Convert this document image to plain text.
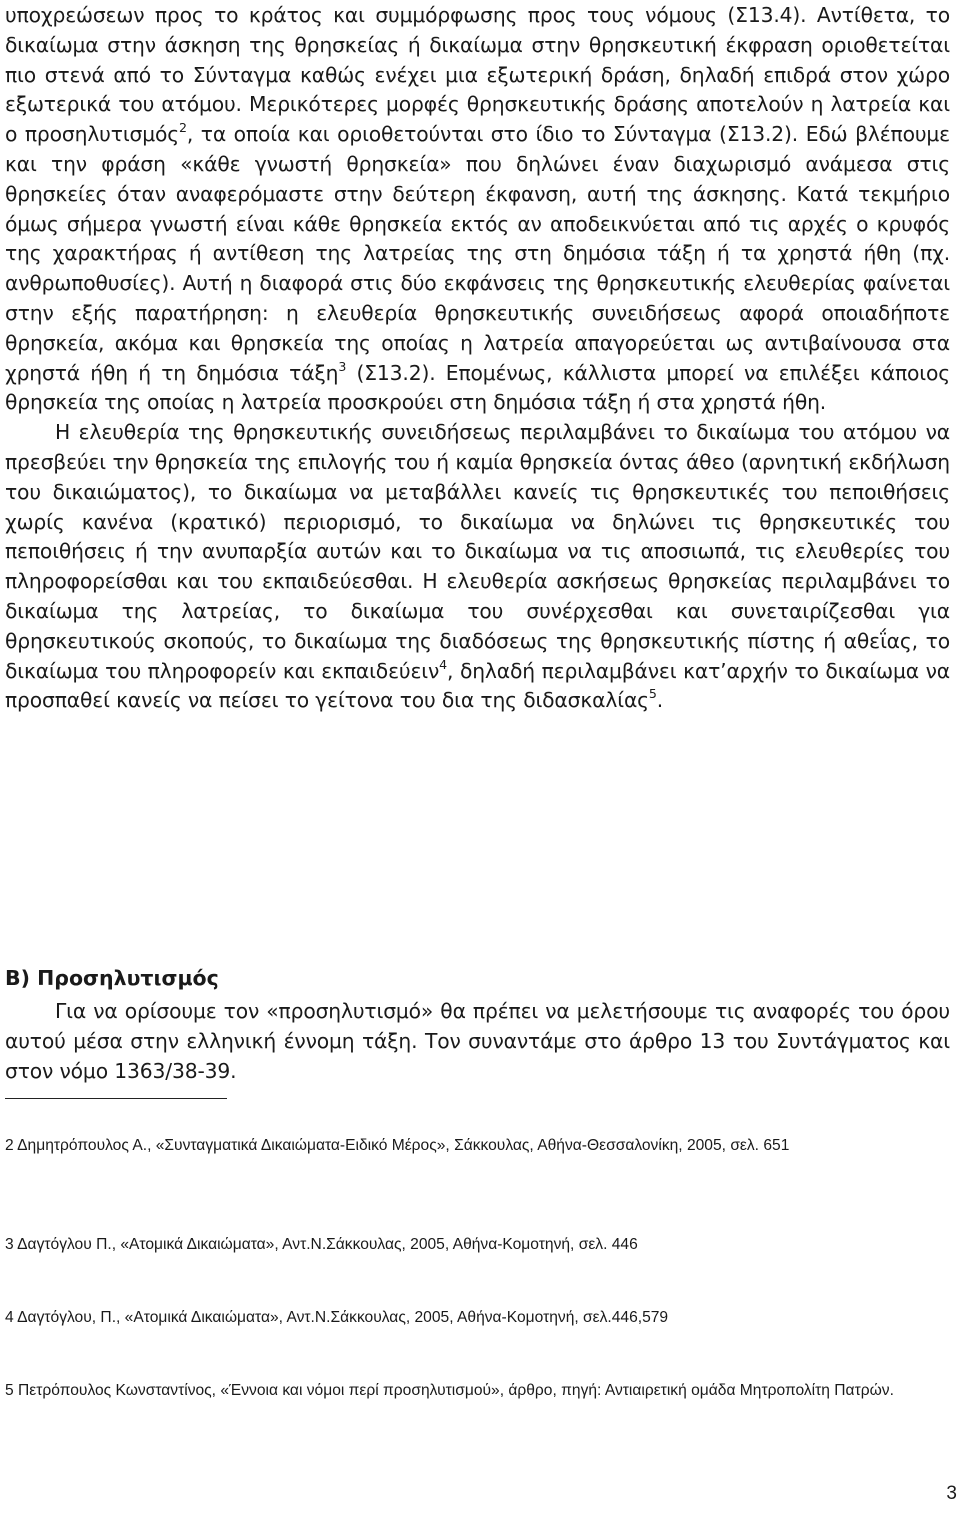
υποχρεώσεων προς το κράτος και συμμόρφωσης προς τους νόμους (Σ13.4). Αντίθετα, το δικαίωμα στην άσκηση της θρησκείας ή δικαίωμα στην θρησκευτική έκφραση οριοθετείται πιο στενά από το Σύνταγμα καθώς ενέχει μια εξωτερική δράση, δηλαδή επιδρά στον χώρο εξωτερικά του ατόμου. Μερικότερες μορφές θρησκευτικής δράσης αποτελούν η λατρεία και ο προσηλυτισμός$^2$, τα οποία και οριοθετούνται στο ίδιο το Σύνταγμα (Σ13.2). Εδώ βλέπουμε και την φράση «κάθε γνωστή θρησκεία» που δηλώνει έναν διαχωρισμό ανάμεσα στις θρησκείες όταν αναφερόμαστε στην δεύτερη έκφανση, αυτή της άσκησης. Κατά τεκμήριο όμως σήμερα γνωστή είναι κάθε θρησκεία εκτός αν αποδεικνύεται από τις αρχές ο κρυφός της χαρακτήρας ή αντίθεση της λατρείας της στη δημόσια τάξη ή τα χρηστά ήθη (πχ. ανθρωποθυσίες). Αυτή η διαφορά στις δύο εκφάνσεις της θρησκευτικής ελευθερίας φαίνεται στην εξής παρατήρηση: η ελευθερία θρησκευτικής συνειδήσεως αφορά οποιαδήποτε θρησκεία, ακόμα και θρησκεία της οποίας η λατρεία απαγορεύεται ως αντιβαίνουσα στα χρηστά ήθη ή τη δημόσια τάξη$^3$ (Σ13.2). Επομένως, κάλλιστα μπορεί να επιλέξει κάποιος θρησκεία της οποίας η λατρεία προσκρούει στη δημόσια τάξη ή στα χρηστά ήθη.

Η ελευθερία της θρησκευτικής συνειδήσεως περιλαμβάνει το δικαίωμα του ατόμου να πρεσβεύει την θρησκεία της επιλογής του ή καμία θρησκεία όντας άθεο (αρνητική εκδήλωση του δικαιώματος), το δικαίωμα να μεταβάλλει κανείς τις θρησκευτικές του πεποιθήσεις χωρίς κανένα (κρατικό) περιορισμό, το δικαίωμα να δηλώνει τις θρησκευτικές του πεποιθήσεις ή την ανυπαρξία αυτών και το δικαίωμα να τις αποσιωπά, τις ελευθερίες του πληροφορείσθαι και του εκπαιδεύεσθαι. Η ελευθερία ασκήσεως θρησκείας περιλαμβάνει το δικαίωμα της λατρείας, το δικαίωμα του συνέρχεσθαι και συνεταιρίζεσθαι για θρησκευτικούς σκοπούς, το δικαίωμα της διαδόσεως της θρησκευτικής πίστης ή αθεΐας, το δικαίωμα του πληροφορείν και εκπαιδεύειν$^4$, δηλαδή περιλαμβάνει κατ’αρχήν το δικαίωμα να προσπαθεί κανείς να πείσει το γείτονα του δια της διδασκαλίας$^5$.

Β) Προσηλυτισμός

Για να ορίσουμε τον «προσηλυτισμό» θα πρέπει να μελετήσουμε τις αναφορές του όρου αυτού μέσα στην ελληνική έννομη τάξη. Τον συναντάμε στο άρθρο 13 του Συντάγματος και στον νόμο 1363/38-39.

2 Δημητρόπουλος Α., «Συνταγματικά Δικαιώματα-Ειδικό Μέρος», Σάκκουλας, Αθήνα-Θεσσαλονίκη, 2005, σελ. 651

3 Δαγτόγλου Π., «Ατομικά Δικαιώματα», Αντ.Ν.Σάκκουλας, 2005, Αθήνα-Κομοτηνή, σελ. 446

4 Δαγτόγλου, Π., «Ατομικά Δικαιώματα», Αντ.Ν.Σάκκουλας, 2005, Αθήνα-Κομοτηνή, σελ.446,579

5 Πετρόπουλος Κωνσταντίνος, «Έννοια και νόμοι περί προσηλυτισμού», άρθρο, πηγή: Αντιαιρετική ομάδα Μητροπολίτη Πατρών.

3
